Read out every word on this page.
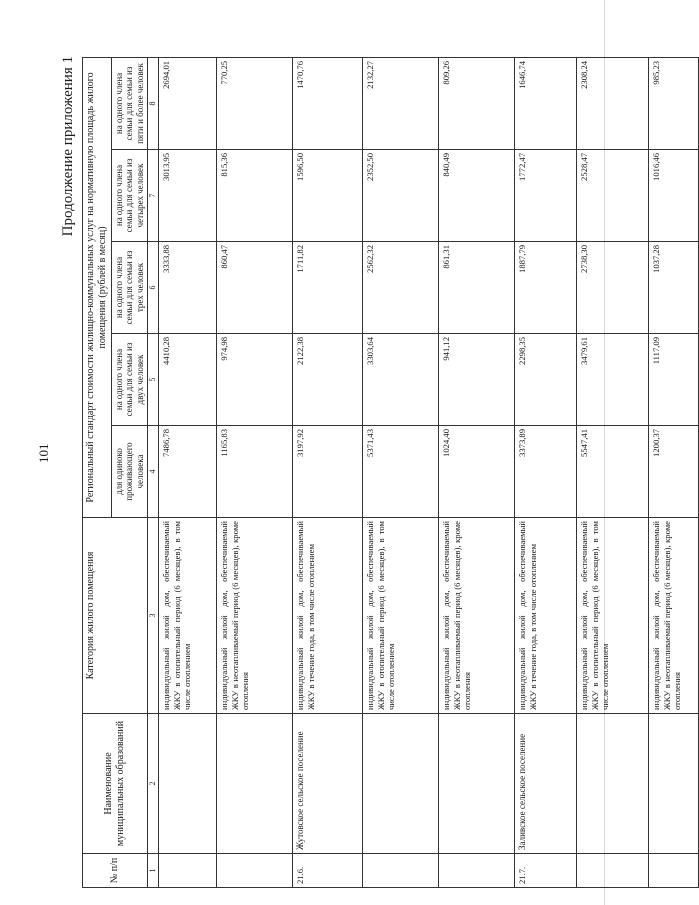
101
Продолжение приложения 1
№ п/п	Наименование муниципальных образований	Категория жилого помещения	Региональный стандарт стоимости жилищно-коммунальных услуг на нормативную площадь жилого помещения (рублей в месяц)				
			для одиноко проживающего человека	на одного члена семьи для семьи из двух человек	на одного члена семьи для семьи из трех человек	на одного члена семьи для семьи из четырех человек	на одного члена семьи для семьи из пяти и более человек
1	2	3	4	5	6	7	8
		индивидуальный жилой дом, обеспечиваемый ЖКУ в отопительный период (6 месяцев), в том числе отоплением	7486,78	4410,28	3333,88	3013,95	2694,01
		индивидуальный жилой дом, обеспечиваемый ЖКУ в неотапливаемый период (6 месяцев), кроме отопления	1165,83	974,98	860,47	815,36	770,25
21.6.	Жутовское сельское поселение	индивидуальный жилой дом, обеспечиваемый ЖКУ в течение года, в том числе отоплением	3197,92	2122,38	1711,82	1596,50	1470,76
		индивидуальный жилой дом, обеспечиваемый ЖКУ в отопительный период (6 месяцев), в том числе отоплением	5371,43	3303,64	2562,32	2352,50	2132,27
		индивидуальный жилой дом, обеспечиваемый ЖКУ в неотапливаемый период (6 месяцев), кроме отопления	1024,40	941,12	861,31	840,49	809,26
21.7.	Заливское сельское поселение	индивидуальный жилой дом, обеспечиваемый ЖКУ в течение года, в том числе отоплением	3373,89	2298,35	1887,79	1772,47	1646,74
		индивидуальный жилой дом, обеспечиваемый ЖКУ в отопительный период (6 месяцев), в том числе отоплением	5547,41	3479,61	2738,30	2528,47	2308,24
		индивидуальный жилой дом, обеспечиваемый ЖКУ в неотапливаемый период (6 месяцев), кроме отопления	1200,37	1117,09	1037,28	1016,46	985,23
